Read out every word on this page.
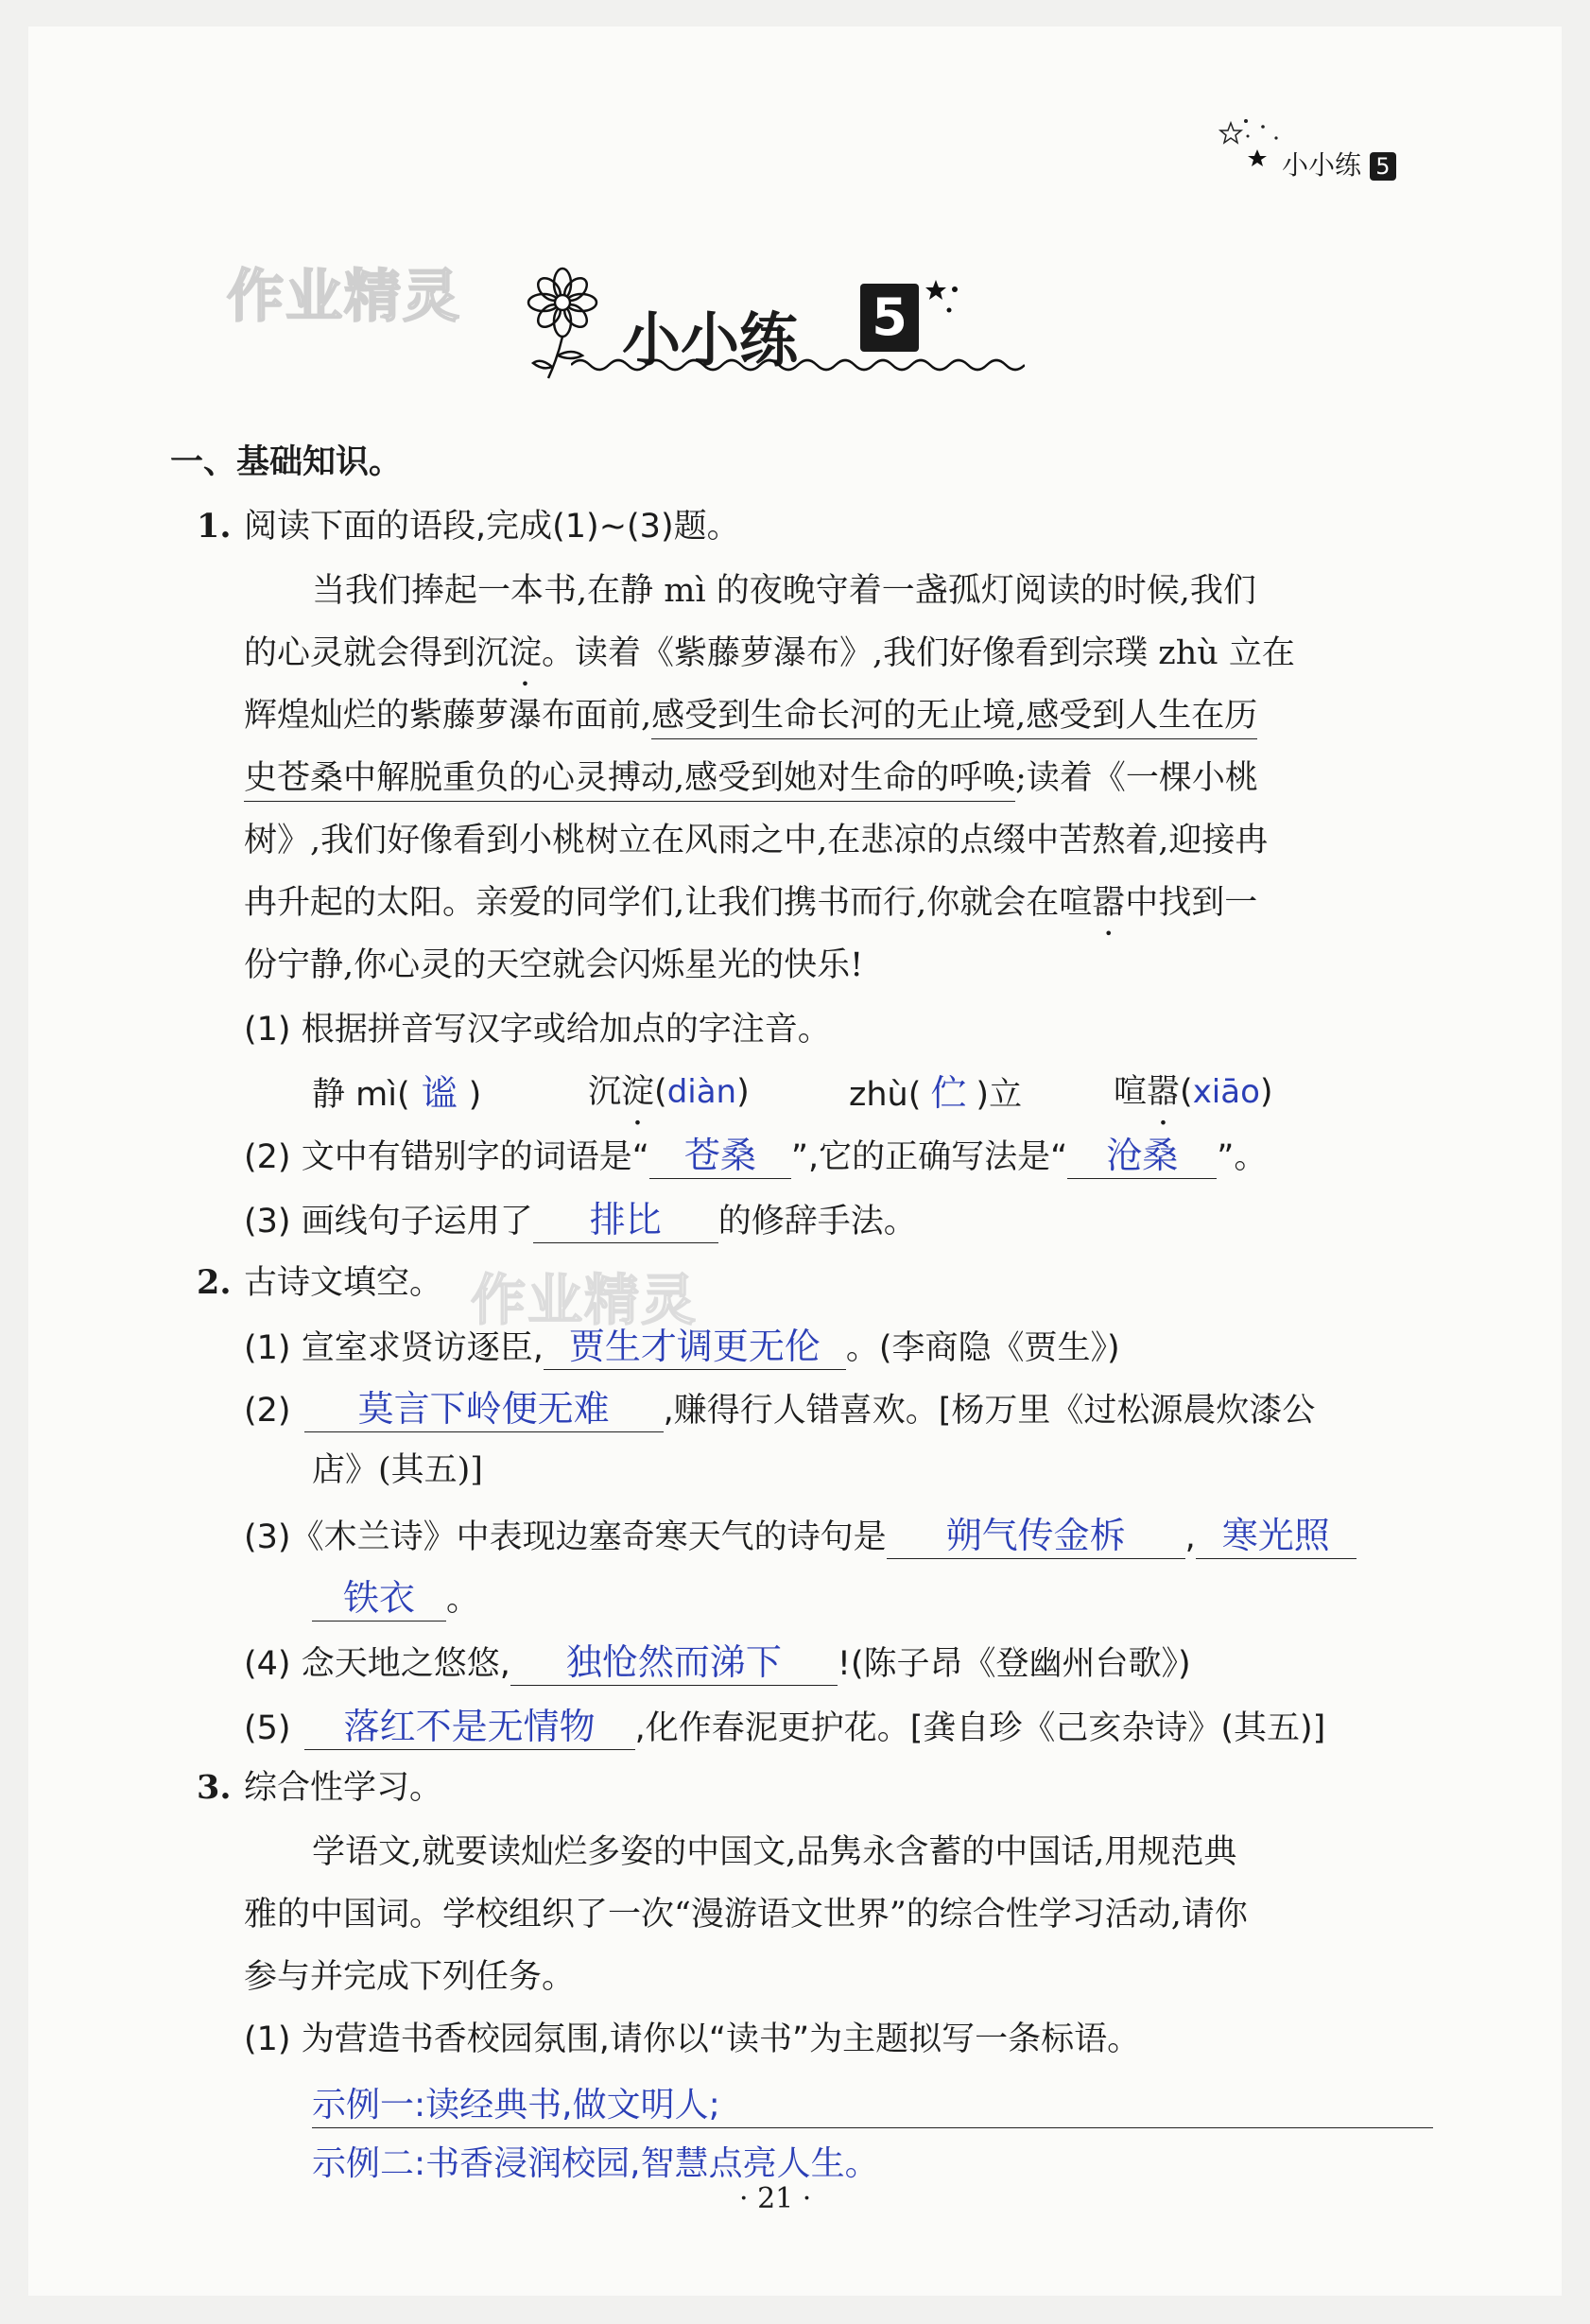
小小练 5
作业精灵
作业精灵
小小练 5
一、基础知识。
1. 阅读下面的语段,完成(1)~(3)题。
当我们捧起一本书,在静 mì 的夜晚守着一盏孤灯阅读的时候,我们
的心灵就会得到沉淀。读着《紫藤萝瀑布》,我们好像看到宗璞 zhù 立在
辉煌灿烂的紫藤萝瀑布面前,感受到生命长河的无止境,感受到人生在历
史苍桑中解脱重负的心灵搏动,感受到她对生命的呼唤;读着《一棵小桃
树》,我们好像看到小桃树立在风雨之中,在悲凉的点缀中苦熬着,迎接冉
冉升起的太阳。亲爱的同学们,让我们携书而行,你就会在喧嚣中找到一
份宁静,你心灵的天空就会闪烁星光的快乐!
(1) 根据拼音写汉字或给加点的字注音。
静 mì( 谧 )	沉淀(diàn)	zhù( 伫 )立	喧嚣(xiāo)
(2) 文中有错别字的词语是“ 苍桑 ”,它的正确写法是“ 沧桑 ”。
(3) 画线句子运用了 排比 的修辞手法。
2. 古诗文填空。
(1) 宣室求贤访逐臣, 贾生才调更无伦 。(李商隐《贾生》)
(2) 莫言下岭便无难 ,赚得行人错喜欢。[杨万里《过松源晨炊漆公
店》(其五)]
(3)《木兰诗》中表现边塞奇寒天气的诗句是 朔气传金柝 , 寒光照
铁衣 。
(4) 念天地之悠悠, 独怆然而涕下 !(陈子昂《登幽州台歌》)
(5) 落红不是无情物 ,化作春泥更护花。[龚自珍《己亥杂诗》(其五)]
3. 综合性学习。
学语文,就要读灿烂多姿的中国文,品隽永含蓄的中国话,用规范典
雅的中国词。学校组织了一次“漫游语文世界”的综合性学习活动,请你
参与并完成下列任务。
(1) 为营造书香校园氛围,请你以“读书”为主题拟写一条标语。
示例一:读经典书,做文明人;
示例二:书香浸润校园,智慧点亮人生。
· 21 ·
